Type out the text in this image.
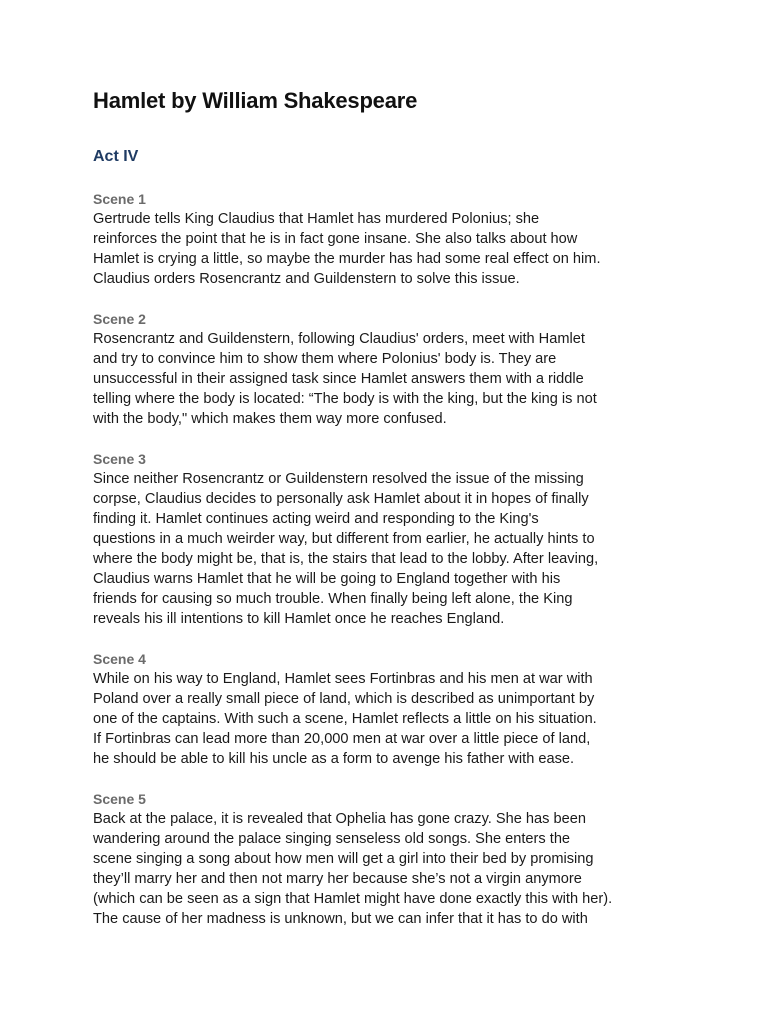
Hamlet by William Shakespeare
Act IV
Scene 1
Gertrude tells King Claudius that Hamlet has murdered Polonius; she
reinforces the point that he is in fact gone insane. She also talks about how
Hamlet is crying a little, so maybe the murder has had some real effect on him.
Claudius orders Rosencrantz and Guildenstern to solve this issue.
Scene 2
Rosencrantz and Guildenstern, following Claudius' orders, meet with Hamlet
and try to convince him to show them where Polonius' body is. They are
unsuccessful in their assigned task since Hamlet answers them with a riddle
telling where the body is located: “The body is with the king, but the king is not
with the body," which makes them way more confused.
Scene 3
Since neither Rosencrantz or Guildenstern resolved the issue of the missing
corpse, Claudius decides to personally ask Hamlet about it in hopes of finally
finding it. Hamlet continues acting weird and responding to the King's
questions in a much weirder way, but different from earlier, he actually hints to
where the body might be, that is, the stairs that lead to the lobby. After leaving,
Claudius warns Hamlet that he will be going to England together with his
friends for causing so much trouble. When finally being left alone, the King
reveals his ill intentions to kill Hamlet once he reaches England.
Scene 4
While on his way to England, Hamlet sees Fortinbras and his men at war with
Poland over a really small piece of land, which is described as unimportant by
one of the captains. With such a scene, Hamlet reflects a little on his situation.
If Fortinbras can lead more than 20,000 men at war over a little piece of land,
he should be able to kill his uncle as a form to avenge his father with ease.
Scene 5
Back at the palace, it is revealed that Ophelia has gone crazy. She has been
wandering around the palace singing senseless old songs. She enters the
scene singing a song about how men will get a girl into their bed by promising
they’ll marry her and then not marry her because she’s not a virgin anymore
(which can be seen as a sign that Hamlet might have done exactly this with her).
The cause of her madness is unknown, but we can infer that it has to do with
